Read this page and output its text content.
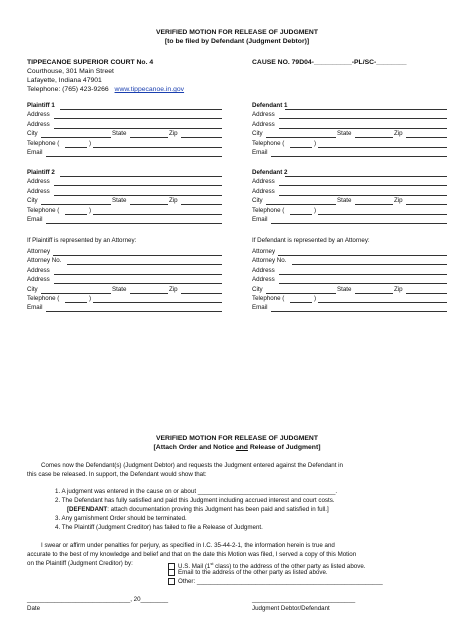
VERIFIED MOTION FOR RELEASE OF JUDGMENT
[to be filed by Defendant (Judgment Debtor)]
TIPPECANOE SUPERIOR COURT No. 4
Courthouse, 301 Main Street
Lafayette, Indiana 47901
Telephone: (765) 423-9266 www.tippecanoe.in.gov
CAUSE NO. 79D04-__________-PL/SC-________
Plaintiff 1
Address
Address
City	State	Zip
Telephone (	)
Email
Defendant 1
Address
Address
City	State	Zip
Telephone (	)
Email
Plaintiff 2
Address
Address
City	State	Zip
Telephone (	)
Email
Defendant 2
Address
Address
City	State	Zip
Telephone (	)
Email
If Plaintiff is represented by an Attorney:	If Defendant is represented by an Attorney:
Attorney
Attorney No.
Address
Address
City	State	Zip
Telephone (	)
Email
Attorney
Attorney No.
Address
Address
City	State	Zip
Telephone (	)
Email
VERIFIED MOTION FOR RELEASE OF JUDGMENT
[Attach Order and Notice and Release of Judgment]
Comes now the Defendant(s) (Judgment Debtor) and requests the Judgment entered against the Defendant in
this case be released. In support, the Defendant would show that:
1. A judgment was entered in the cause on or about ________________________________________.
2. The Defendant has fully satisfied and paid this Judgment including accrued interest and court costs.
[DEFENDANT: attach documentation proving this Judgment has been paid and satisfied in full.]
3. Any garnishment Order should be terminated.
4. The Plaintiff (Judgment Creditor) has failed to file a Release of Judgment.
I swear or affirm under penalties for perjury, as specified in I.C. 35-44-2-1, the information herein is true and
accurate to the best of my knowledge and belief and that on the date this Motion was filed, I served a copy of this Motion
on the Plaintiff (Judgment Creditor) by:	U.S. Mail (1st class) to the address of the other party as listed above.
Email to the address of the other party as listed above.
Other: ______________________________________________________
______________________________, 20________
Date
______________________________
Judgment Debtor/Defendant
